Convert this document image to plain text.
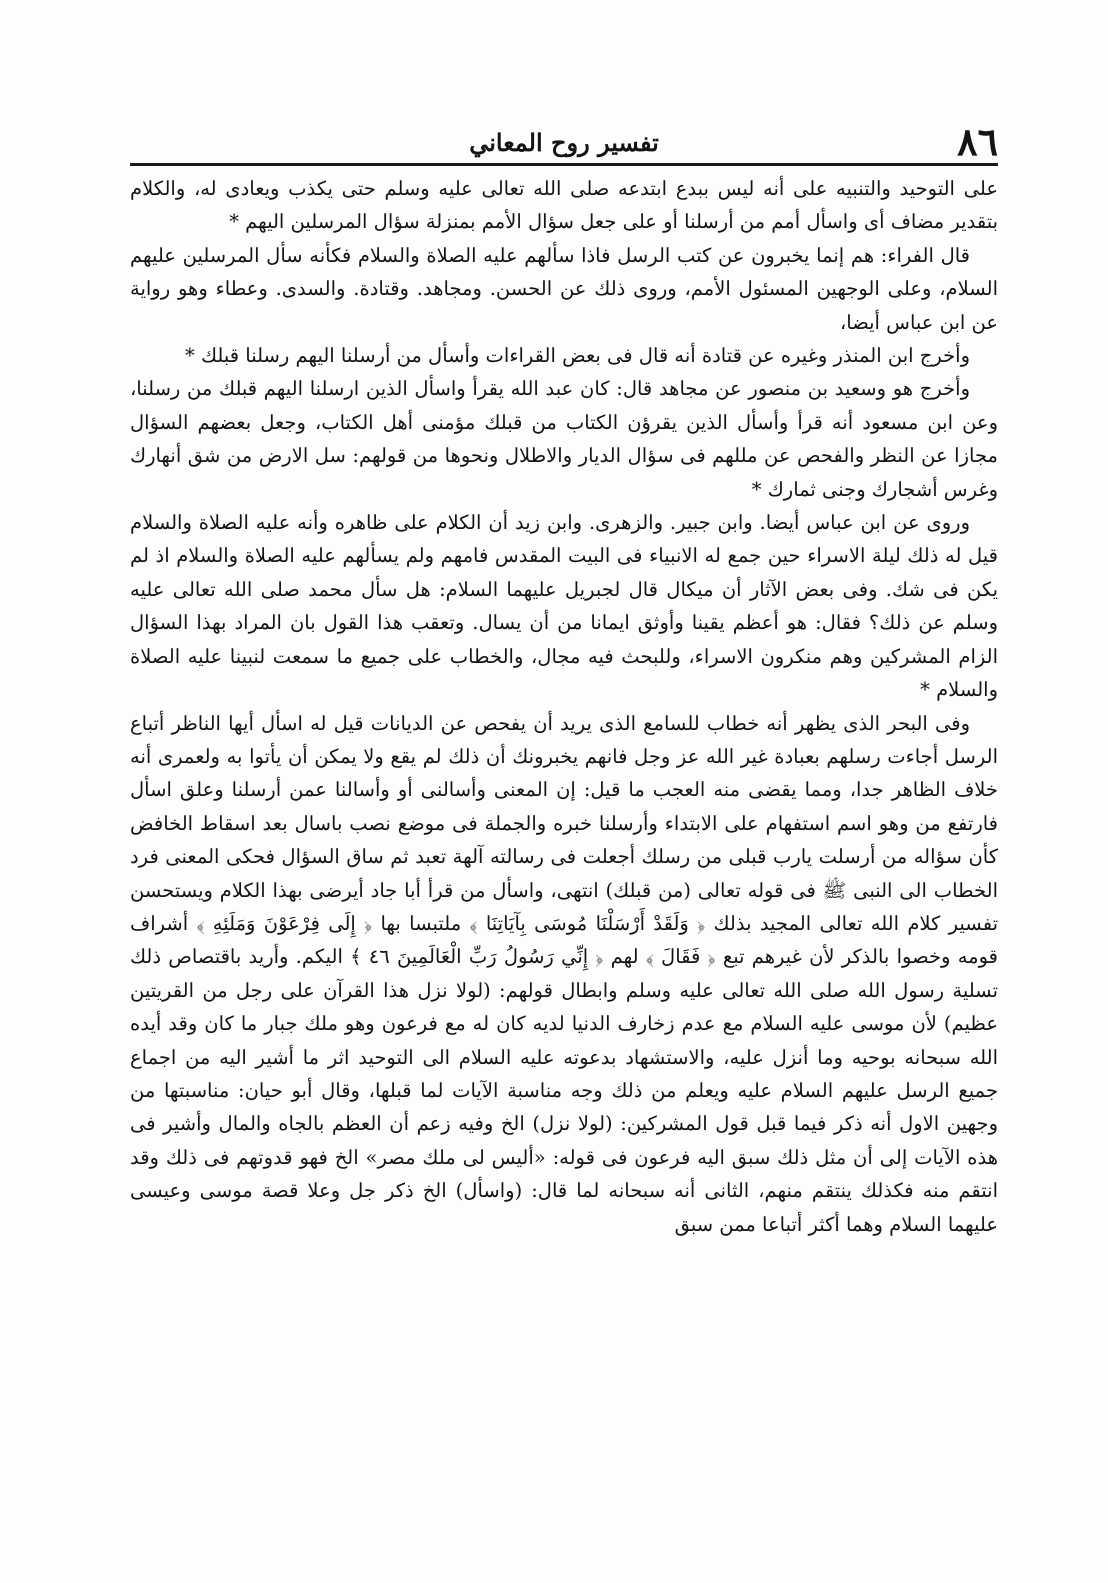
٨٦
تفسير روح المعاني

على التوحيد والتنبيه على أنه ليس ببدع ابتدعه صلى الله تعالى عليه وسلم حتى يكذب ويعادى له، والكلام بتقدير مضاف أى واسأل أمم من أرسلنا أو على جعل سؤال الأمم بمنزلة سؤال المرسلين اليهم *

قال الفراء: هم إنما يخبرون عن كتب الرسل فاذا سألهم عليه الصلاة والسلام فكأنه سأل المرسلين عليهم السلام، وعلى الوجهين المسئول الأمم، وروى ذلك عن الحسن. ومجاهد. وقتادة. والسدى. وعطاء وهو رواية عن ابن عباس أيضا،

وأخرج ابن المنذر وغيره عن قتادة أنه قال فى بعض القراءات وأسأل من أرسلنا اليهم رسلنا قبلك *

وأخرج هو وسعيد بن منصور عن مجاهد قال: كان عبد الله يقرأ واسأل الذين ارسلنا اليهم قبلك من رسلنا، وعن ابن مسعود أنه قرأ وأسأل الذين يقرؤن الكتاب من قبلك مؤمنى أهل الكتاب، وجعل بعضهم السؤال مجازا عن النظر والفحص عن مللهم فى سؤال الديار والاطلال ونحوها من قولهم: سل الارض من شق أنهارك وغرس أشجارك وجنى ثمارك *

وروى عن ابن عباس أيضا. وابن جبير. والزهرى. وابن زيد أن الكلام على ظاهره وأنه عليه الصلاة والسلام قيل له ذلك ليلة الاسراء حين جمع له الانبياء فى البيت المقدس فامهم ولم يسألهم عليه الصلاة والسلام اذ لم يكن فى شك. وفى بعض الآثار أن ميكال قال لجبريل عليهما السلام: هل سأل محمد صلى الله تعالى عليه وسلم عن ذلك؟ فقال: هو أعظم يقينا وأوثق ايمانا من أن يسال. وتعقب هذا القول بان المراد بهذا السؤال الزام المشركين وهم منكرون الاسراء، وللبحث فيه مجال، والخطاب على جميع ما سمعت لنبينا عليه الصلاة والسلام *

وفى البحر الذى يظهر أنه خطاب للسامع الذى يريد أن يفحص عن الديانات قيل له اسأل أيها الناظر أتباع الرسل أجاءت رسلهم بعبادة غير الله عز وجل فانهم يخبرونك أن ذلك لم يقع ولا يمكن أن يأتوا به ولعمرى أنه خلاف الظاهر جدا، ومما يقضى منه العجب ما قيل: إن المعنى وأسالنى أو وأسالنا عمن أرسلنا وعلق اسأل فارتفع من وهو اسم استفهام على الابتداء وأرسلنا خبره والجملة فى موضع نصب باسال بعد اسقاط الخافض كأن سؤاله من أرسلت يارب قبلى من رسلك أجعلت فى رسالته آلهة تعبد ثم ساق السؤال فحكى المعنى فرد الخطاب الى النبى ﷺ فى قوله تعالى (من قبلك) انتهى، واسأل من قرأ أبا جاد أيرضى بهذا الكلام ويستحسن تفسير كلام الله تعالى المجيد بذلك ﴿ وَلَقَدْ أَرْسَلْنَا مُوسَى بِآيَاتِنَا ﴾ ملتبسا بها ﴿ إِلَى فِرْعَوْنَ وَمَلَئِهِ ﴾ أشراف قومه وخصوا بالذكر لأن غيرهم تبع ﴿ فَقَالَ ﴾ لهم ﴿ إِنِّي رَسُولُ رَبِّ الْعَالَمِينَ ٤٦ ﴾ اليكم. وأريد باقتصاص ذلك تسلية رسول الله صلى الله تعالى عليه وسلم وابطال قولهم: (لولا نزل هذا القرآن على رجل من القريتين عظيم) لأن موسى عليه السلام مع عدم زخارف الدنيا لديه كان له مع فرعون وهو ملك جبار ما كان وقد أيده الله سبحانه بوحيه وما أنزل عليه، والاستشهاد بدعوته عليه السلام الى التوحيد اثر ما أشير اليه من اجماع جميع الرسل عليهم السلام عليه ويعلم من ذلك وجه مناسبة الآيات لما قبلها، وقال أبو حيان: مناسبتها من وجهين الاول أنه ذكر فيما قبل قول المشركين: (لولا نزل) الخ وفيه زعم أن العظم بالجاه والمال وأشير فى هذه الآيات إلى أن مثل ذلك سبق اليه فرعون فى قوله: «أليس لى ملك مصر» الخ فهو قدوتهم فى ذلك وقد انتقم منه فكذلك ينتقم منهم، الثانى أنه سبحانه لما قال: (واسأل) الخ ذكر جل وعلا قصة موسى وعيسى عليهما السلام وهما أكثر أتباعا ممن سبق
